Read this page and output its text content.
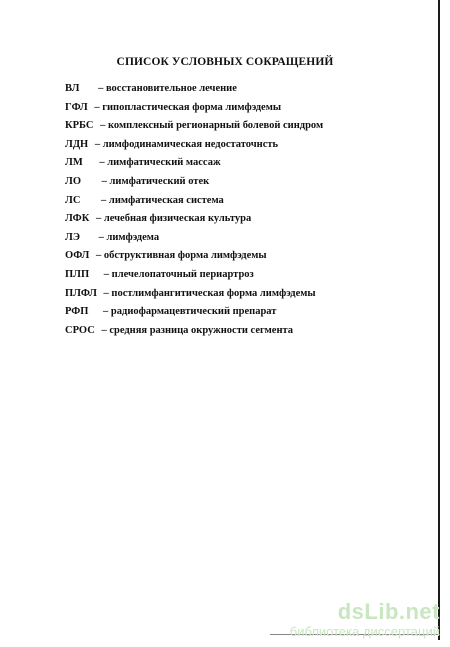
СПИСОК УСЛОВНЫХ СОКРАЩЕНИЙ
ВЛ – восстановительное лечение
ГФЛ – гипопластическая форма лимфэдемы
КРБС – комплексный регионарный болевой синдром
ЛДН – лимфодинамическая недостаточнсть
ЛМ – лимфатический массаж
ЛО – лимфатический отек
ЛС – лимфатическая система
ЛФК – лечебная физическая культура
ЛЭ – лимфэдема
ОФЛ – обструктивная форма лимфэдемы
ПЛП – плечелопаточный периартроз
ПЛФЛ – постлимфангитическая форма лимфэдемы
РФП – радиофармацевтический препарат
СРОС – средняя разница окружности сегмента
dsLib.net
библиотека диссертаций
